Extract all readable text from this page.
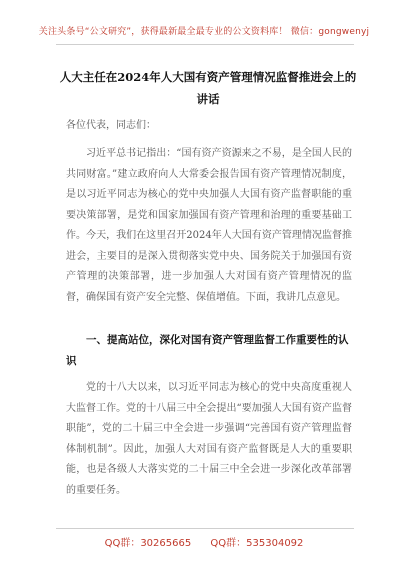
关注头条号“公文研究”，获得最新最全最专业的公文资料库！ 微信：gongwenyj
人大主任在2024年人大国有资产管理情况监督推进会上的
讲话
各位代表，同志们：
习近平总书记指出：“国有资产资源来之不易，是全国人民的共同财富。”建立政府向人大常委会报告国有资产管理情况制度，是以习近平同志为核心的党中央加强人大国有资产监督职能的重要决策部署，是党和国家加强国有资产管理和治理的重要基础工作。今天，我们在这里召开2024年人大国有资产管理情况监督推进会，主要目的是深入贯彻落实党中央、国务院关于加强国有资产管理的决策部署，进一步加强人大对国有资产管理情况的监督，确保国有资产安全完整、保值增值。下面，我讲几点意见。
一、提高站位，深化对国有资产管理监督工作重要性的认识
党的十八大以来，以习近平同志为核心的党中央高度重视人大监督工作。党的十八届三中全会提出“要加强人大国有资产监督职能”，党的二十届三中全会进一步强调“完善国有资产管理监督体制机制”。因此，加强人大对国有资产监督既是人大的重要职能，也是各级人大落实党的二十届三中全会进一步深化改革部署的重要任务。
QQ群：30265665 QQ群：535304092
